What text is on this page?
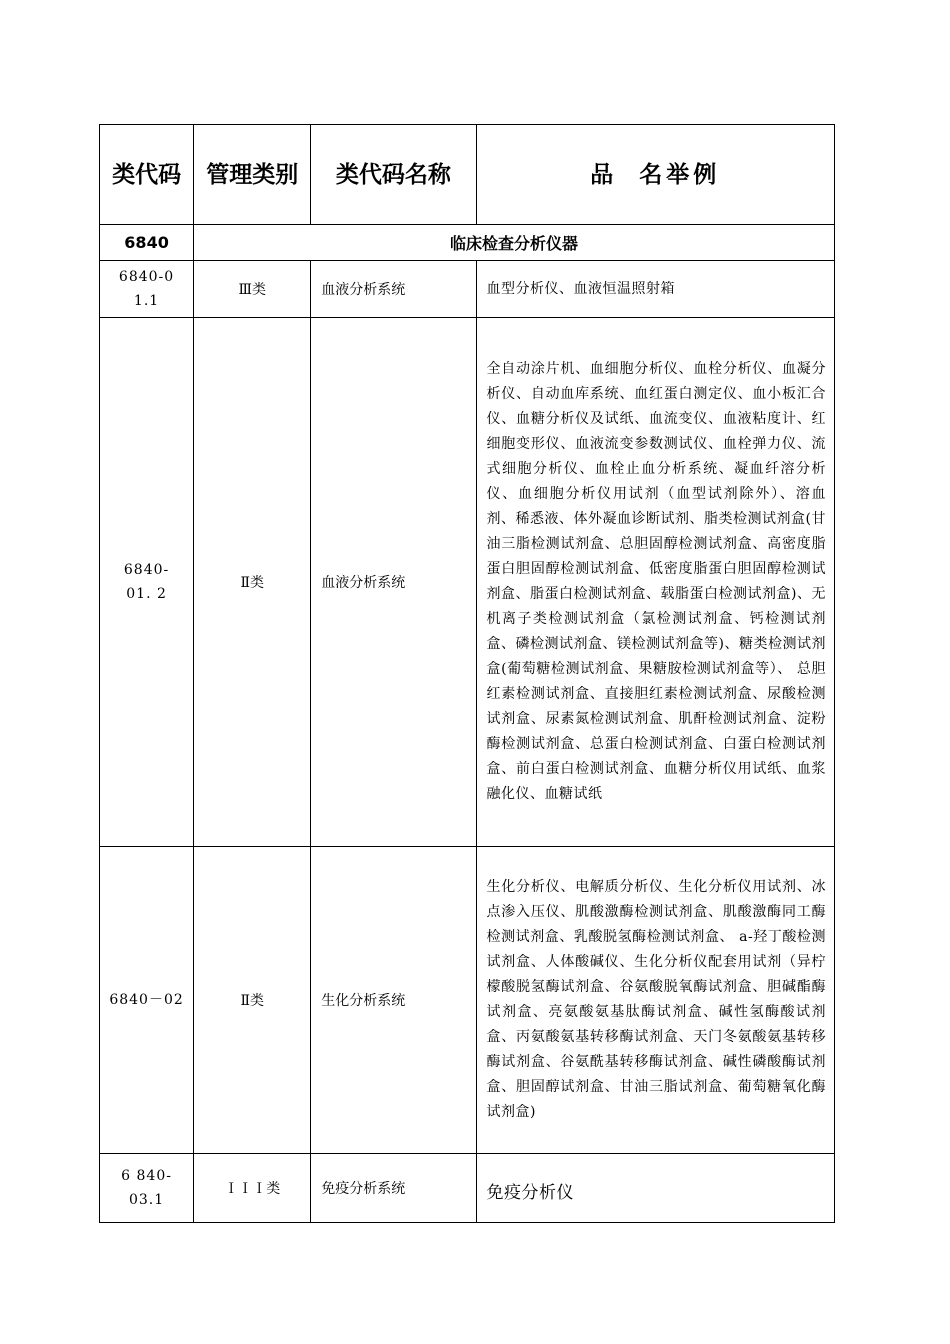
类代码	管理类别	类代码名称	品 名举例
6840	临床检查分析仪器		

6840-0
1.1	Ⅲ类	血液分析系统	血型分析仪、血液恒温照射箱

6840-
01. 2	Ⅱ类	血液分析系统	全自动涂片机、血细胞分析仪、血栓分析仪、血凝分析仪、自动血库系统、血红蛋白测定仪、血小板汇合仪、血糖分析仪及试纸、血流变仪、血液粘度计、红细胞变形仪、血液流变参数测试仪、血栓弹力仪、流式细胞分析仪、血栓止血分析系统、凝血纤溶分析仪、血细胞分析仪用试剂（血型试剂除外）、溶血剂、稀悉液、体外凝血诊断试剂、脂类检测试剂盒(甘油三脂检测试剂盒、总胆固醇检测试剂盒、高密度脂蛋白胆固醇检测试剂盒、低密度脂蛋白胆固醇检测试剂盒、脂蛋白检测试剂盒、载脂蛋白检测试剂盒)、无机离子类检测试剂盒（氯检测试剂盒、钙检测试剂盒、磷检测试剂盒、镁检测试剂盒等)、糖类检测试剂盒(葡萄糖检测试剂盒、果糖胺检测试剂盒等）、 总胆红素检测试剂盒、直接胆红素检测试剂盒、尿酸检测试剂盒、尿素氮检测试剂盒、肌酐检测试剂盒、淀粉酶检测试剂盒、总蛋白检测试剂盒、白蛋白检测试剂盒、前白蛋白检测试剂盒、血糖分析仪用试纸、血浆融化仪、血糖试纸

6840－02	Ⅱ类	生化分析系统	生化分析仪、电解质分析仪、生化分析仪用试剂、冰点渗入压仪、肌酸激酶检测试剂盒、肌酸激酶同工酶检测试剂盒、乳酸脱氢酶检测试剂盒、 a-羟丁酸检测试剂盒、人体酸碱仪、生化分析仪配套用试剂（异柠檬酸脱氢酶试剂盒、谷氨酸脱氧酶试剂盒、胆碱酯酶试剂盒、亮氨酸氨基肽酶试剂盒、碱性氢酶酸试剂盒、丙氨酸氨基转移酶试剂盒、天门冬氨酸氨基转移酶试剂盒、谷氨酰基转移酶试剂盒、碱性磷酸酶试剂盒、胆固醇试剂盒、甘油三脂试剂盒、葡萄糖氧化酶试剂盒)

6 840-
03.1	ＩＩＩ类	免疫分析系统	免疫分析仪
